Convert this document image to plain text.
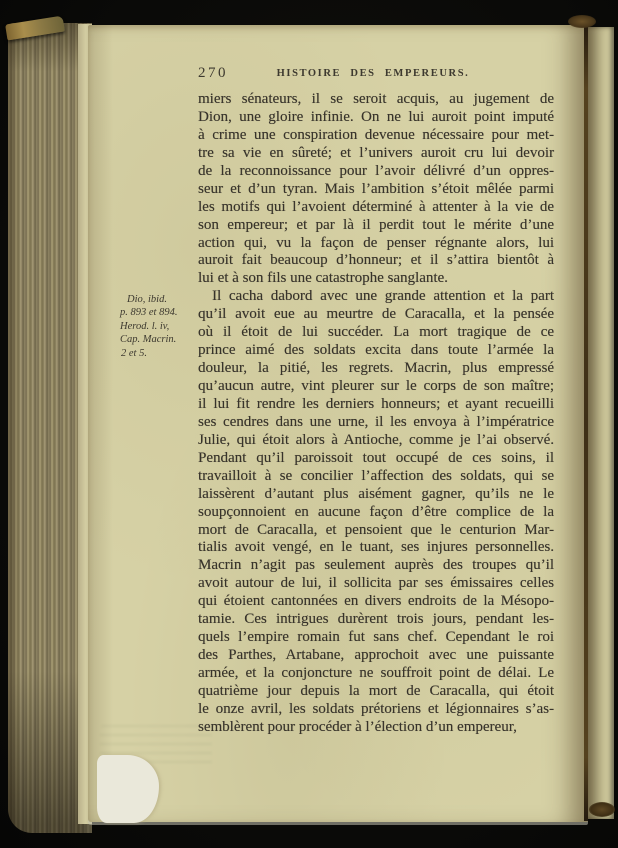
270	HISTOIRE DES EMPEREURS.
Dio, ibid.
p. 893 et 894.
Herod. l. iv,
Cap. Macrin.
2 et 5.
miers sénateurs, il se seroit acquis, au jugement de
Dion, une gloire infinie. On ne lui auroit point imputé
à crime une conspiration devenue nécessaire pour met-
tre sa vie en sûreté; et l’univers auroit cru lui devoir
de la reconnoissance pour l’avoir délivré d’un oppres-
seur et d’un tyran. Mais l’ambition s’étoit mêlée parmi
les motifs qui l’avoient déterminé à attenter à la vie de
son empereur; et par là il perdit tout le mérite d’une
action qui, vu la façon de penser régnante alors, lui
auroit fait beaucoup d’honneur; et il s’attira bientôt à
lui et à son fils une catastrophe sanglante.
Il cacha dabord avec une grande attention et la part
qu’il avoit eue au meurtre de Caracalla, et la pensée
où il étoit de lui succéder. La mort tragique de ce
prince aimé des soldats excita dans toute l’armée la
douleur, la pitié, les regrets. Macrin, plus empressé
qu’aucun autre, vint pleurer sur le corps de son maître;
il lui fit rendre les derniers honneurs; et ayant recueilli
ses cendres dans une urne, il les envoya à l’impératrice
Julie, qui étoit alors à Antioche, comme je l’ai observé.
Pendant qu’il paroissoit tout occupé de ces soins, il
travailloit à se concilier l’affection des soldats, qui se
laissèrent d’autant plus aisément gagner, qu’ils ne le
soupçonnoient en aucune façon d’être complice de la
mort de Caracalla, et pensoient que le centurion Mar-
tialis avoit vengé, en le tuant, ses injures personnelles.
Macrin n’agit pas seulement auprès des troupes qu’il
avoit autour de lui, il sollicita par ses émissaires celles
qui étoient cantonnées en divers endroits de la Mésopo-
tamie. Ces intrigues durèrent trois jours, pendant les-
quels l’empire romain fut sans chef. Cependant le roi
des Parthes, Artabane, approchoit avec une puissante
armée, et la conjoncture ne souffroit point de délai. Le
quatrième jour depuis la mort de Caracalla, qui étoit
le onze avril, les soldats prétoriens et légionnaires s’as-
semblèrent pour procéder à l’élection d’un empereur,
